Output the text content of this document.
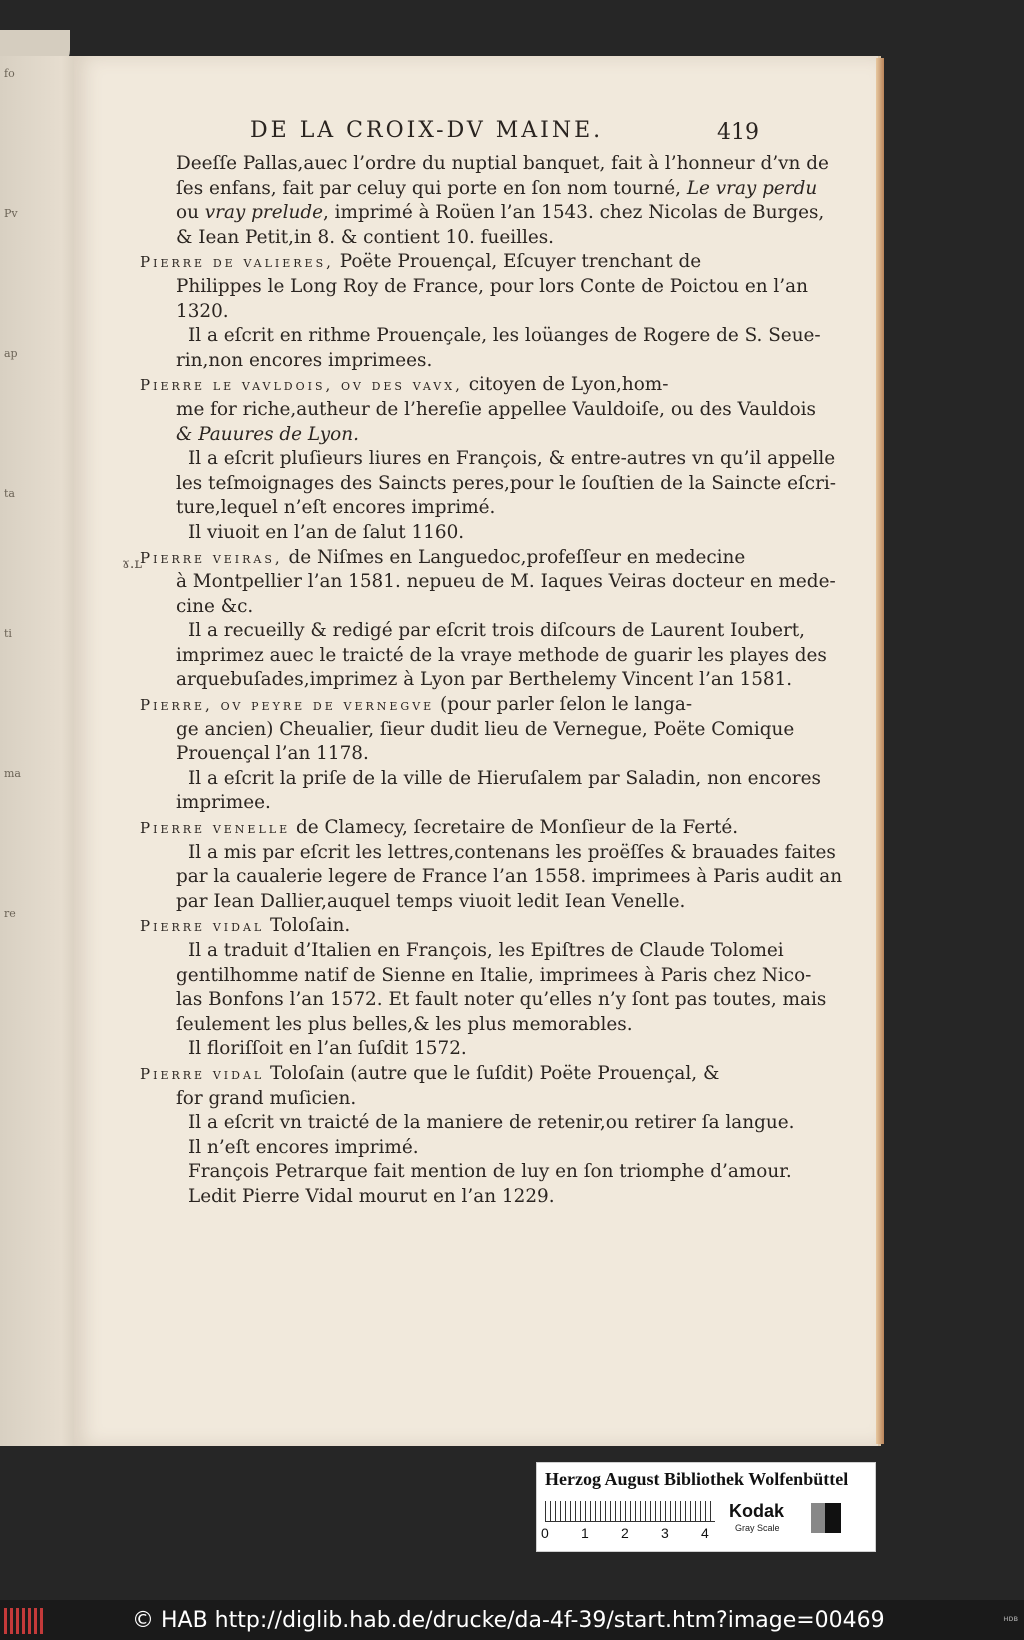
fo
Pv
ap
ta
ti
ma
re
DE LA CROIX-DV MAINE.	419
ɤ.ʟ
Deeſſe Pallas,auec l’ordre du nuptial banquet, fait à l’honneur d’vn de
ſes enfans, fait par celuy qui porte en ſon nom tourné, Le vray perdu
ou vray prelude, imprimé à Roüen l’an 1543. chez Nicolas de Burges,
& Iean Petit,in 8. & contient 10. fueilles.
Pierre de valieres, Poëte Prouençal, Eſcuyer trenchant de
Philippes le Long Roy de France, pour lors Conte de Poictou en l’an
1320.
Il a eſcrit en rithme Prouençale, les loüanges de Rogere de S. Seue-
rin,non encores imprimees.
Pierre le vavldois, ov des vavx, citoyen de Lyon,hom-
me for riche,autheur de l’hereſie appellee Vauldoiſe, ou des Vauldois
& Pauures de Lyon.
Il a eſcrit pluſieurs liures en François, & entre-autres vn qu’il appelle
les teſmoignages des Saincts peres,pour le ſouſtien de la Saincte eſcri-
ture,lequel n’eſt encores imprimé.
Il viuoit en l’an de ſalut 1160.
Pierre veiras, de Niſmes en Languedoc,profeſſeur en medecine
à Montpellier l’an 1581. nepueu de M. Iaques Veiras docteur en mede-
cine &c.
Il a recueilly & redigé par eſcrit trois diſcours de Laurent Ioubert,
imprimez auec le traicté de la vraye methode de guarir les playes des
arquebuſades,imprimez à Lyon par Berthelemy Vincent l’an 1581.
Pierre, ov peyre de vernegve (pour parler ſelon le langa-
ge ancien) Cheualier, ſieur dudit lieu de Vernegue, Poëte Comique
Prouençal l’an 1178.
Il a eſcrit la priſe de la ville de Hieruſalem par Saladin, non encores
imprimee.
Pierre venelle de Clamecy, ſecretaire de Monſieur de la Ferté.
Il a mis par eſcrit les lettres,contenans les proëſſes & brauades faites
par la caualerie legere de France l’an 1558. imprimees à Paris audit an
par Iean Dallier,auquel temps viuoit ledit Iean Venelle.
Pierre vidal Toloſain.
Il a traduit d’Italien en François, les Epiſtres de Claude Tolomei
gentilhomme natif de Sienne en Italie, imprimees à Paris chez Nico-
las Bonfons l’an 1572. Et fault noter qu’elles n’y ſont pas toutes, mais
ſeulement les plus belles,& les plus memorables.
Il floriſſoit en l’an ſuſdit 1572.
Pierre vidal Toloſain (autre que le ſuſdit) Poëte Prouençal, &
for grand muſicien.
Il a eſcrit vn traicté de la maniere de retenir,ou retirer ſa langue.
Il n’eſt encores imprimé.
François Petrarque fait mention de luy en ſon triomphe d’amour.
Ledit Pierre Vidal mourut en l’an 1229.
Herzog August Bibliothek Wolfenbüttel
0 1 2 3 4
Kodak
Gray Scale
© HAB http://diglib.hab.de/drucke/da-4f-39/start.htm?image=00469	ʜᴅʙ
